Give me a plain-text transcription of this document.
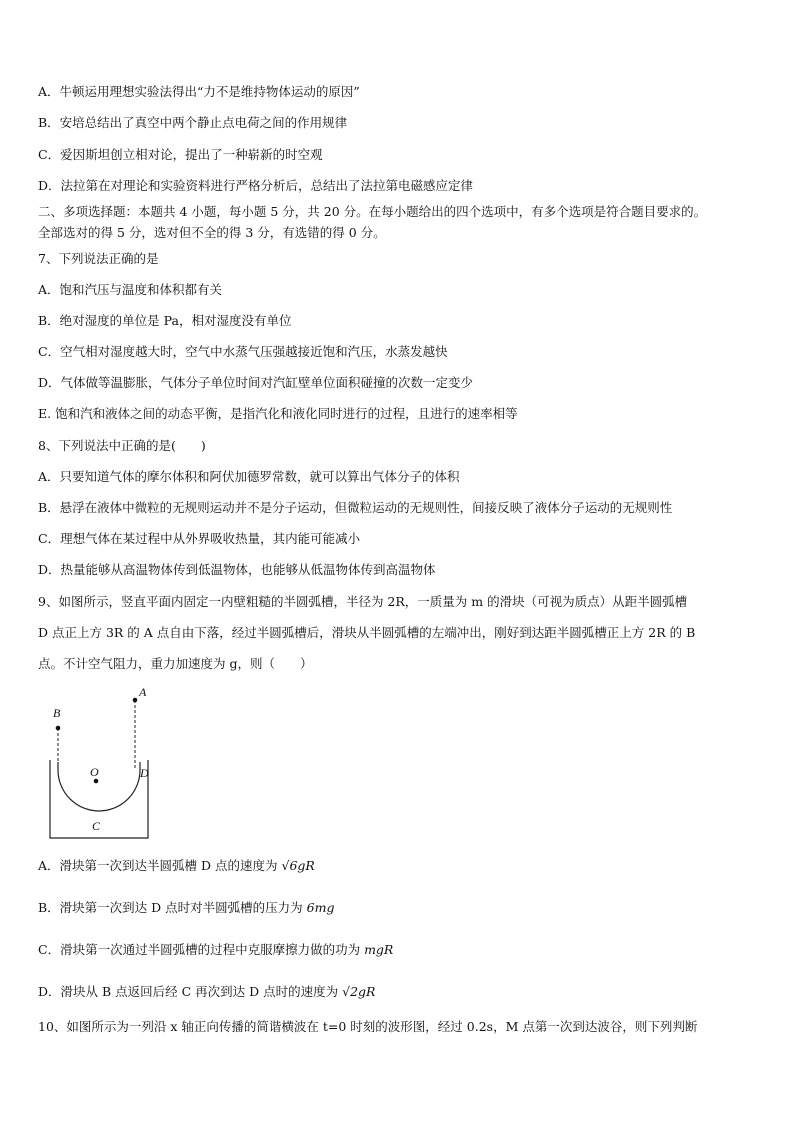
A．牛顿运用理想实验法得出“力不是维持物体运动的原因”
B．安培总结出了真空中两个静止点电荷之间的作用规律
C．爱因斯坦创立相对论，提出了一种崭新的时空观
D．法拉第在对理论和实验资料进行严格分析后，总结出了法拉第电磁感应定律
二、多项选择题：本题共 4 小题，每小题 5 分，共 20 分。在每小题给出的四个选项中，有多个选项是符合题目要求的。
全部选对的得 5 分，选对但不全的得 3 分，有选错的得 0 分。
7、下列说法正确的是
A．饱和汽压与温度和体积都有关
B．绝对湿度的单位是 Pa，相对湿度没有单位
C．空气相对湿度越大时，空气中水蒸气压强越接近饱和汽压，水蒸发越快
D．气体做等温膨胀，气体分子单位时间对汽缸壁单位面积碰撞的次数一定变少
E. 饱和汽和液体之间的动态平衡，是指汽化和液化同时进行的过程，且进行的速率相等
8、下列说法中正确的是(　　)
A．只要知道气体的摩尔体积和阿伏加德罗常数，就可以算出气体分子的体积
B．悬浮在液体中微粒的无规则运动并不是分子运动，但微粒运动的无规则性，间接反映了液体分子运动的无规则性
C．理想气体在某过程中从外界吸收热量，其内能可能减小
D．热量能够从高温物体传到低温物体，也能够从低温物体传到高温物体
9、如图所示，竖直平面内固定一内壁粗糙的半圆弧槽，半径为 2R，一质量为 m 的滑块（可视为质点）从距半圆弧槽
D 点正上方 3R 的 A 点自由下落，经过半圆弧槽后，滑块从半圆弧槽的左端冲出，刚好到达距半圆弧槽正上方 2R 的 B
点。不计空气阻力，重力加速度为 g，则（　　）
B
A
O	D
C
A．滑块第一次到达半圆弧槽 D 点的速度为 √6gR
B．滑块第一次到达 D 点时对半圆弧槽的压力为 6mg
C．滑块第一次通过半圆弧槽的过程中克服摩擦力做的功为 mgR
D．滑块从 B 点返回后经 C 再次到达 D 点时的速度为 √2gR
10、如图所示为一列沿 x 轴正向传播的简谐横波在 t=0 时刻的波形图，经过 0.2s，M 点第一次到达波谷，则下列判断
